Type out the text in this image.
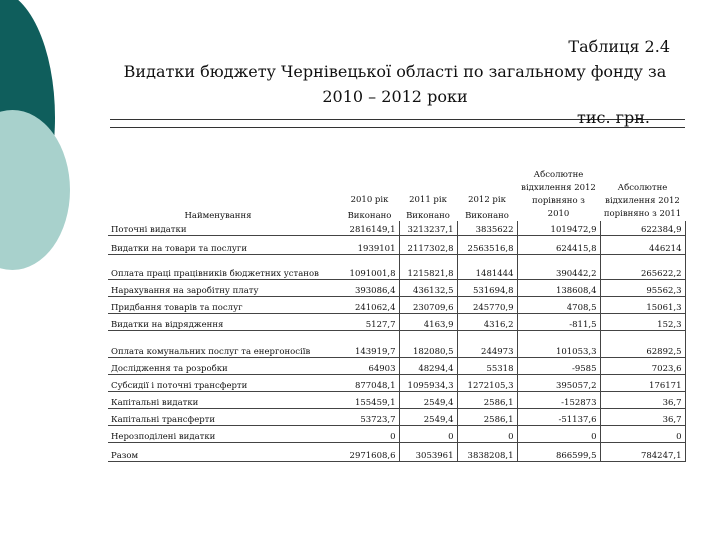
Таблиця 2.4
Видатки бюджету Чернівецької області по загальному фонду за
2010 – 2012 роки
тис. грн.
Найменування		2010 рік	2011 рік	2012 рік	Абсолютне відхилення 2012 порівняно з 2010	Абсолютне відхилення 2012 порівняно з 2011
		Виконано	Виконано	Виконано		
Поточні видатки		2816149,1	3213237,1	3835622	1019472,9	622384,9
Видатки на товари та послуги		1939101	2117302,8	2563516,8	624415,8	446214
Оплата праці працівників бюджетних установ		1091001,8	1215821,8	1481444	390442,2	265622,2
Нарахування на заробітну плату		393086,4	436132,5	531694,8	138608,4	95562,3
Придбання товарів та послуг		241062,4	230709,6	245770,9	4708,5	15061,3
Видатки на відрядження		5127,7	4163,9	4316,2	-811,5	152,3
Оплата комунальних послуг та енергоносіїв		143919,7	182080,5	244973	101053,3	62892,5
Дослідження та розробки		64903	48294,4	55318	-9585	7023,6
Субсидії і поточні трансферти		877048,1	1095934,3	1272105,3	395057,2	176171
Капітальні видатки		155459,1	2549,4	2586,1	-152873	36,7
Капітальні трансферти		53723,7	2549,4	2586,1	-51137,6	36,7
Нерозподілені видатки		0	0	0	0	0
Разом		2971608,6	3053961	3838208,1	866599,5	784247,1
